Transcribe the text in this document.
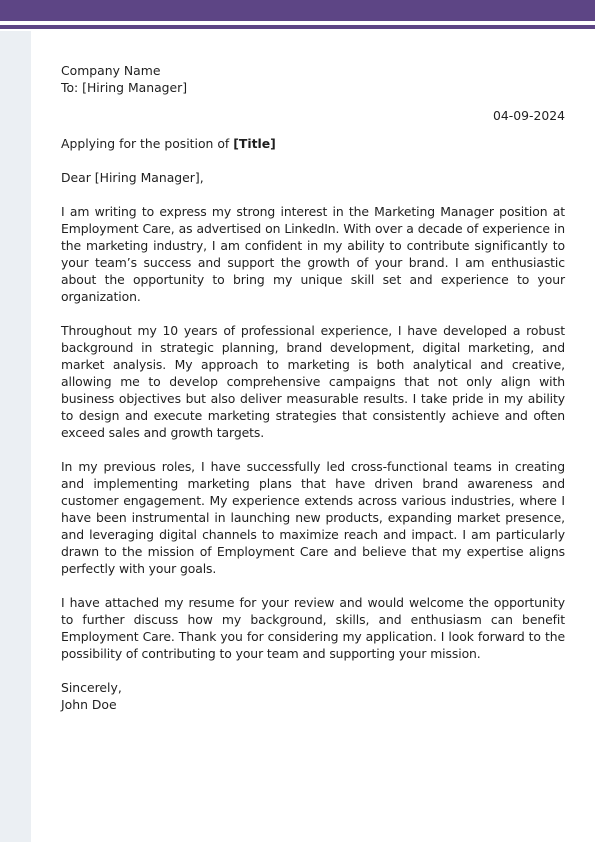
Company Name

To: [Hiring Manager]

04-09-2024

Applying for the position of [Title]

Dear [Hiring Manager],

I am writing to express my strong interest in the Marketing Manager position at Employment Care, as advertised on LinkedIn. With over a decade of experience in the marketing industry, I am confident in my ability to contribute significantly to your team’s success and support the growth of your brand. I am enthusiastic about the opportunity to bring my unique skill set and experience to your organization.

Throughout my 10 years of professional experience, I have developed a robust background in strategic planning, brand development, digital marketing, and market analysis. My approach to marketing is both analytical and creative, allowing me to develop comprehensive campaigns that not only align with business objectives but also deliver measurable results. I take pride in my ability to design and execute marketing strategies that consistently achieve and often exceed sales and growth targets.

In my previous roles, I have successfully led cross-functional teams in creating and implementing marketing plans that have driven brand awareness and customer engagement. My experience extends across various industries, where I have been instrumental in launching new products, expanding market presence, and leveraging digital channels to maximize reach and impact. I am particularly drawn to the mission of Employment Care and believe that my expertise aligns perfectly with your goals.

I have attached my resume for your review and would welcome the opportunity to further discuss how my background, skills, and enthusiasm can benefit Employment Care. Thank you for considering my application. I look forward to the possibility of contributing to your team and supporting your mission.

Sincerely,

John Doe
